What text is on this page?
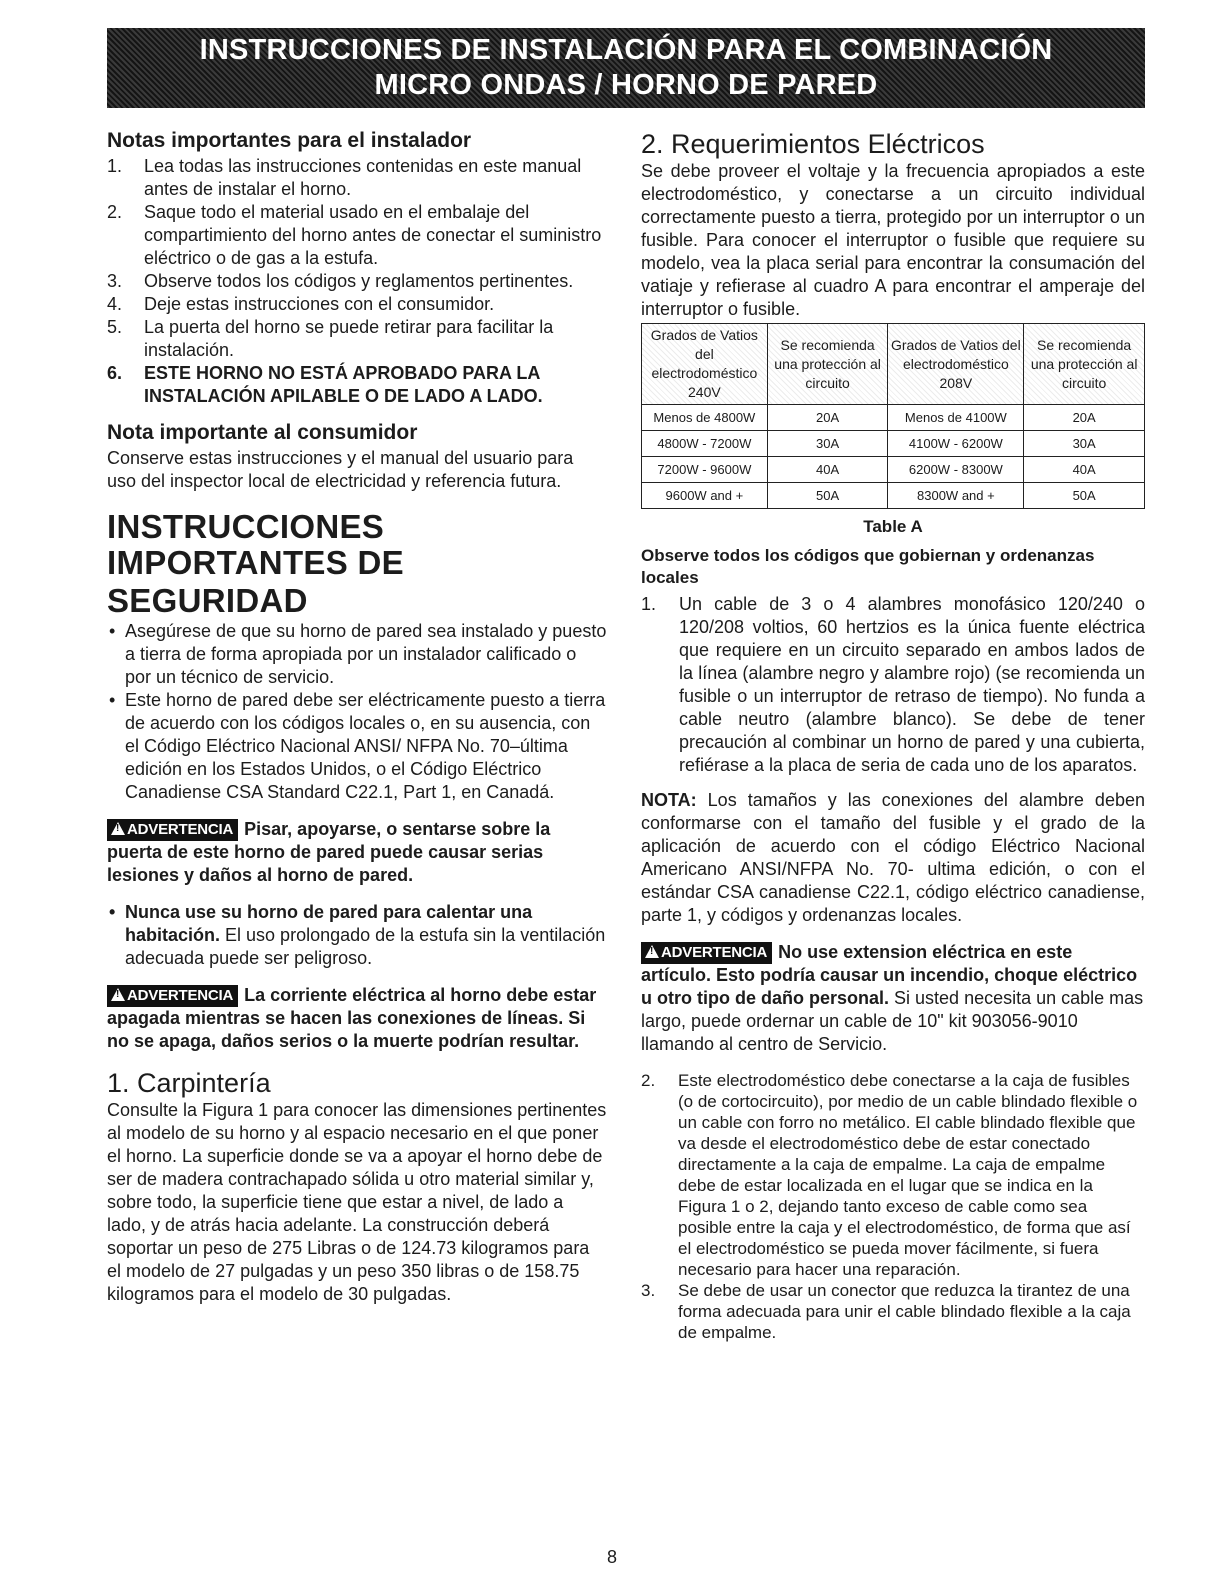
INSTRUCCIONES DE INSTALACIÓN PARA EL COMBINACIÓN
MICRO ONDAS / HORNO DE PARED
Notas importantes para el instalador
1. Lea todas las instrucciones contenidas en este manual antes de instalar el horno.
2. Saque todo el material usado en el embalaje del compartimiento del horno antes de conectar el suministro eléctrico o de gas a la estufa.
3. Observe todos los códigos y reglamentos pertinentes.
4. Deje estas instrucciones con el consumidor.
5. La puerta del horno se puede retirar para facilitar la instalación.
6. ESTE HORNO NO ESTÁ APROBADO PARA LA INSTALACIÓN APILABLE O DE LADO A LADO.
Nota importante al consumidor

Conserve estas instrucciones y el manual del usuario para uso del inspector local de electricidad y referencia futura.

INSTRUCCIONES
IMPORTANTES DE SEGURIDAD
• Asegúrese de que su horno de pared sea instalado y puesto a tierra de forma apropiada por un instalador calificado o por un técnico de servicio.
• Este horno de pared debe ser eléctricamente puesto a tierra de acuerdo con los códigos locales o, en su ausencia, con el Código Eléctrico Nacional ANSI/ NFPA No. 70–última edición en los Estados Unidos, o el Código Eléctrico Canadiense CSA Standard C22.1, Part 1, en Canadá.

!ADVERTENCIA Pisar, apoyarse, o sentarse sobre la puerta de este horno de pared puede causar serias lesiones y daños al horno de pared.

• Nunca use su horno de pared para calentar una habitación. El uso prolongado de la estufa sin la ventilación adecuada puede ser peligroso.

!ADVERTENCIA La corriente eléctrica al horno debe estar apagada mientras se hacen las conexiones de líneas. Si no se apaga, daños serios o la muerte podrían resultar.

1. Carpintería

Consulte la Figura 1 para conocer las dimensiones pertinentes al modelo de su horno y al espacio necesario en el que poner el horno. La superficie donde se va a apoyar el horno debe de ser de madera contrachapado sólida u otro material similar y, sobre todo, la superficie tiene que estar a nivel, de lado a lado, y de atrás hacia adelante. La construcción deberá soportar un peso de 275 Libras o de 124.73 kilogramos para el modelo de 27 pulgadas y un peso 350 libras o de 158.75 kilogramos para el modelo de 30 pulgadas.

2. Requerimientos Eléctricos

Se debe proveer el voltaje y la frecuencia apropiados a este electrodoméstico, y conectarse a un circuito individual correctamente puesto a tierra, protegido por un interruptor o un fusible. Para conocer el interruptor o fusible que requiere su modelo, vea la placa serial para encontrar la consumación del vatiaje y refierase al cuadro A para encontrar el amperaje del interruptor o fusible.

Grados de Vatios del electrodoméstico 240V	Se recomienda una protección al circuito	Grados de Vatios del electrodoméstico 208V	Se recomienda una protección al circuito
Menos de 4800W	20A	Menos de 4100W	20A
4800W - 7200W	30A	4100W - 6200W	30A
7200W - 9600W	40A	6200W - 8300W	40A
9600W and +	50A	8300W and +	50A
Table A
Observe todos los códigos que gobiernan y ordenanzas locales
1. Un cable de 3 o 4 alambres monofásico 120/240 o 120/208 voltios, 60 hertzios es la única fuente eléctrica que requiere en un circuito separado en ambos lados de la línea (alambre negro y alambre rojo) (se recomienda un fusible o un interruptor de retraso de tiempo). No funda a cable neutro (alambre blanco). Se debe de tener precaución al combinar un horno de pared y una cubierta, refiérase a la placa de seria de cada uno de los aparatos.

NOTA: Los tamaños y las conexiones del alambre deben conformarse con el tamaño del fusible y el grado de la aplicación de acuerdo con el código Eléctrico Nacional Americano ANSI/NFPA No. 70- ultima edición, o con el estándar CSA canadiense C22.1, código eléctrico canadiense, parte 1, y códigos y ordenanzas locales.

!ADVERTENCIA No use extension eléctrica en este artículo. Esto podría causar un incendio, choque eléctrico u otro tipo de daño personal. Si usted necesita un cable mas largo, puede ordernar un cable de 10" kit 903056-9010 llamando al centro de Servicio.

2. Este electrodoméstico debe conectarse a la caja de fusibles (o de cortocircuito), por medio de un cable blindado flexible o un cable con forro no metálico. El cable blindado flexible que va desde el electrodoméstico debe de estar conectado directamente a la caja de empalme. La caja de empalme debe de estar localizada en el lugar que se indica en la Figura 1 o 2, dejando tanto exceso de cable como sea posible entre la caja y el electrodoméstico, de forma que así el electrodoméstico se pueda mover fácilmente, si fuera necesario para hacer una reparación.
3. Se debe de usar un conector que reduzca la tirantez de una forma adecuada para unir el cable blindado flexible a la caja de empalme.
8
